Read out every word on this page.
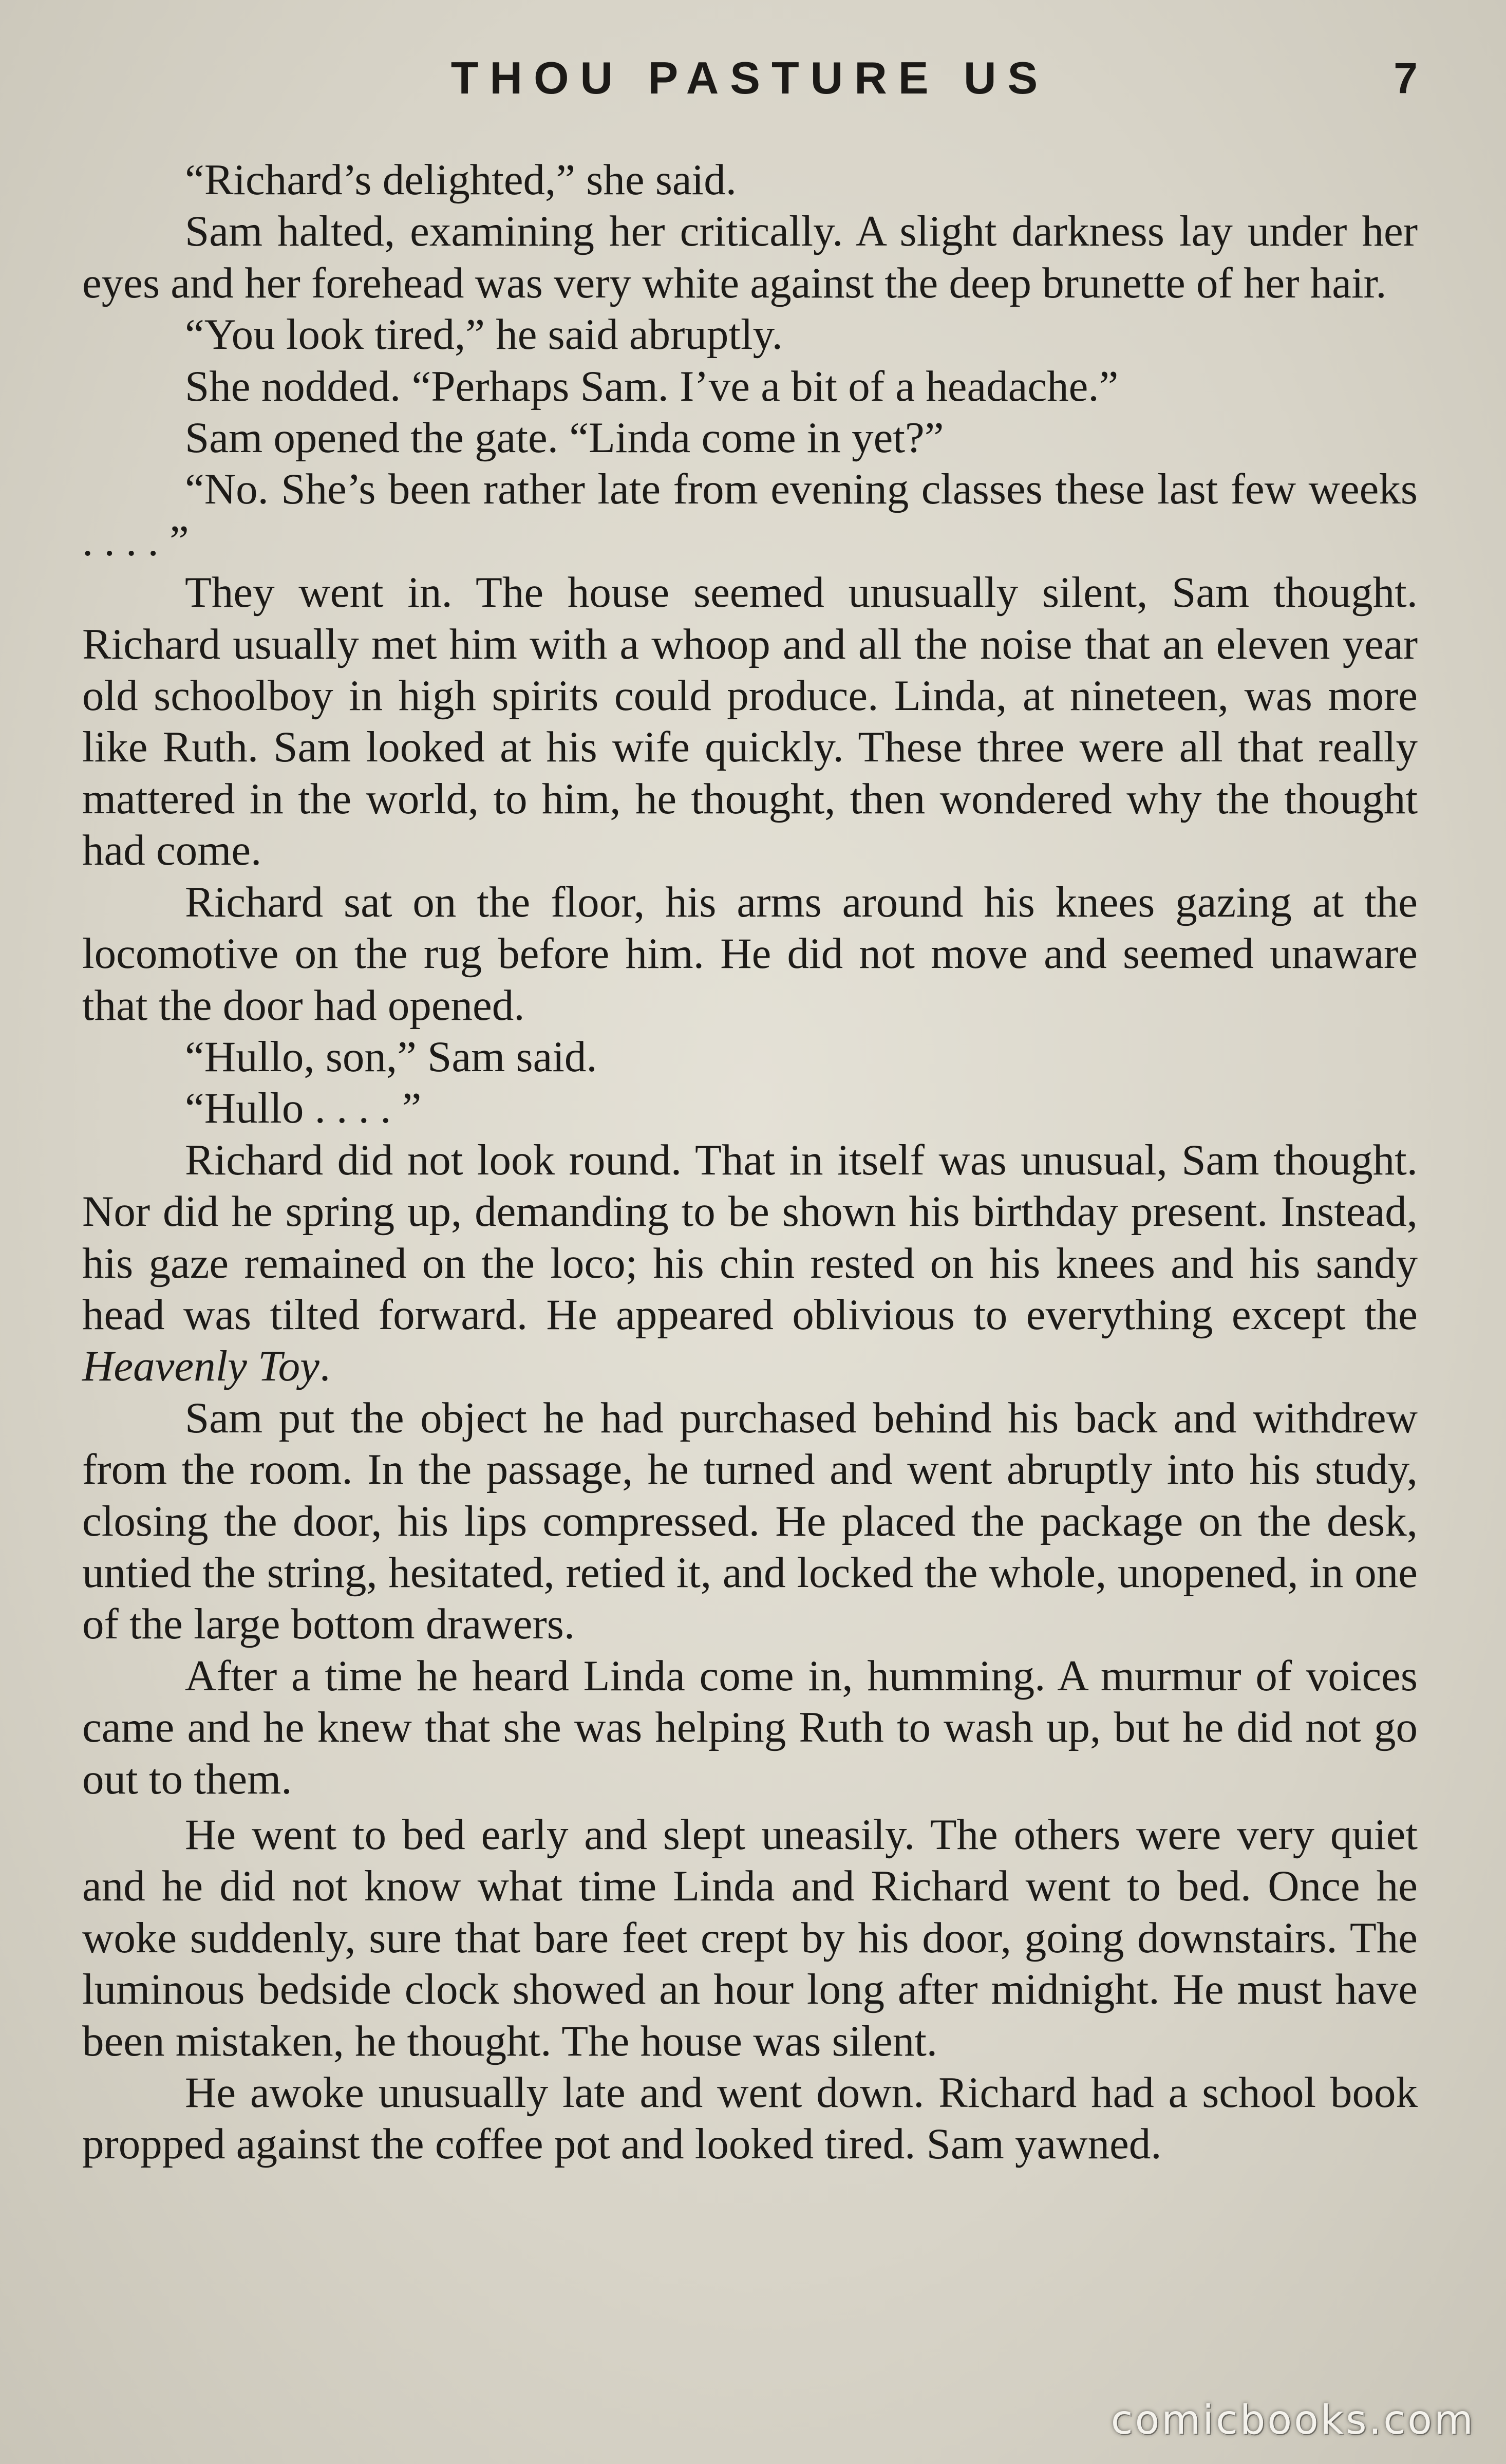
THOU PASTURE US	7

“Richard’s delighted,” she said.

Sam halted, examining her critically. A slight darkness lay under her eyes and her forehead was very white against the deep brunette of her hair.

“You look tired,” he said abruptly.

She nodded. “Perhaps Sam. I’ve a bit of a headache.”

Sam opened the gate. “Linda come in yet?”

“No. She’s been rather late from evening classes these last few weeks . . . . ”

They went in. The house seemed unusually silent, Sam thought. Richard usually met him with a whoop and all the noise that an eleven year old schoolboy in high spirits could produce. Linda, at nineteen, was more like Ruth. Sam looked at his wife quickly. These three were all that really mattered in the world, to him, he thought, then wondered why the thought had come.

Richard sat on the floor, his arms around his knees gazing at the locomotive on the rug before him. He did not move and seemed unaware that the door had opened.

“Hullo, son,” Sam said.

“Hullo . . . . ”

Richard did not look round. That in itself was unusual, Sam thought. Nor did he spring up, demanding to be shown his birthday present. Instead, his gaze remained on the loco; his chin rested on his knees and his sandy head was tilted forward. He appeared oblivious to everything except the Heavenly Toy.

Sam put the object he had purchased behind his back and withdrew from the room. In the passage, he turned and went abruptly into his study, closing the door, his lips compressed. He placed the package on the desk, untied the string, hesitated, retied it, and locked the whole, unopened, in one of the large bottom drawers.

After a time he heard Linda come in, humming. A murmur of voices came and he knew that she was helping Ruth to wash up, but he did not go out to them.

He went to bed early and slept uneasily. The others were very quiet and he did not know what time Linda and Richard went to bed. Once he woke suddenly, sure that bare feet crept by his door, going downstairs. The luminous bedside clock showed an hour long after midnight. He must have been mistaken, he thought. The house was silent.

He awoke unusually late and went down. Richard had a school book propped against the coffee pot and looked tired. Sam yawned.

comicbooks.com
